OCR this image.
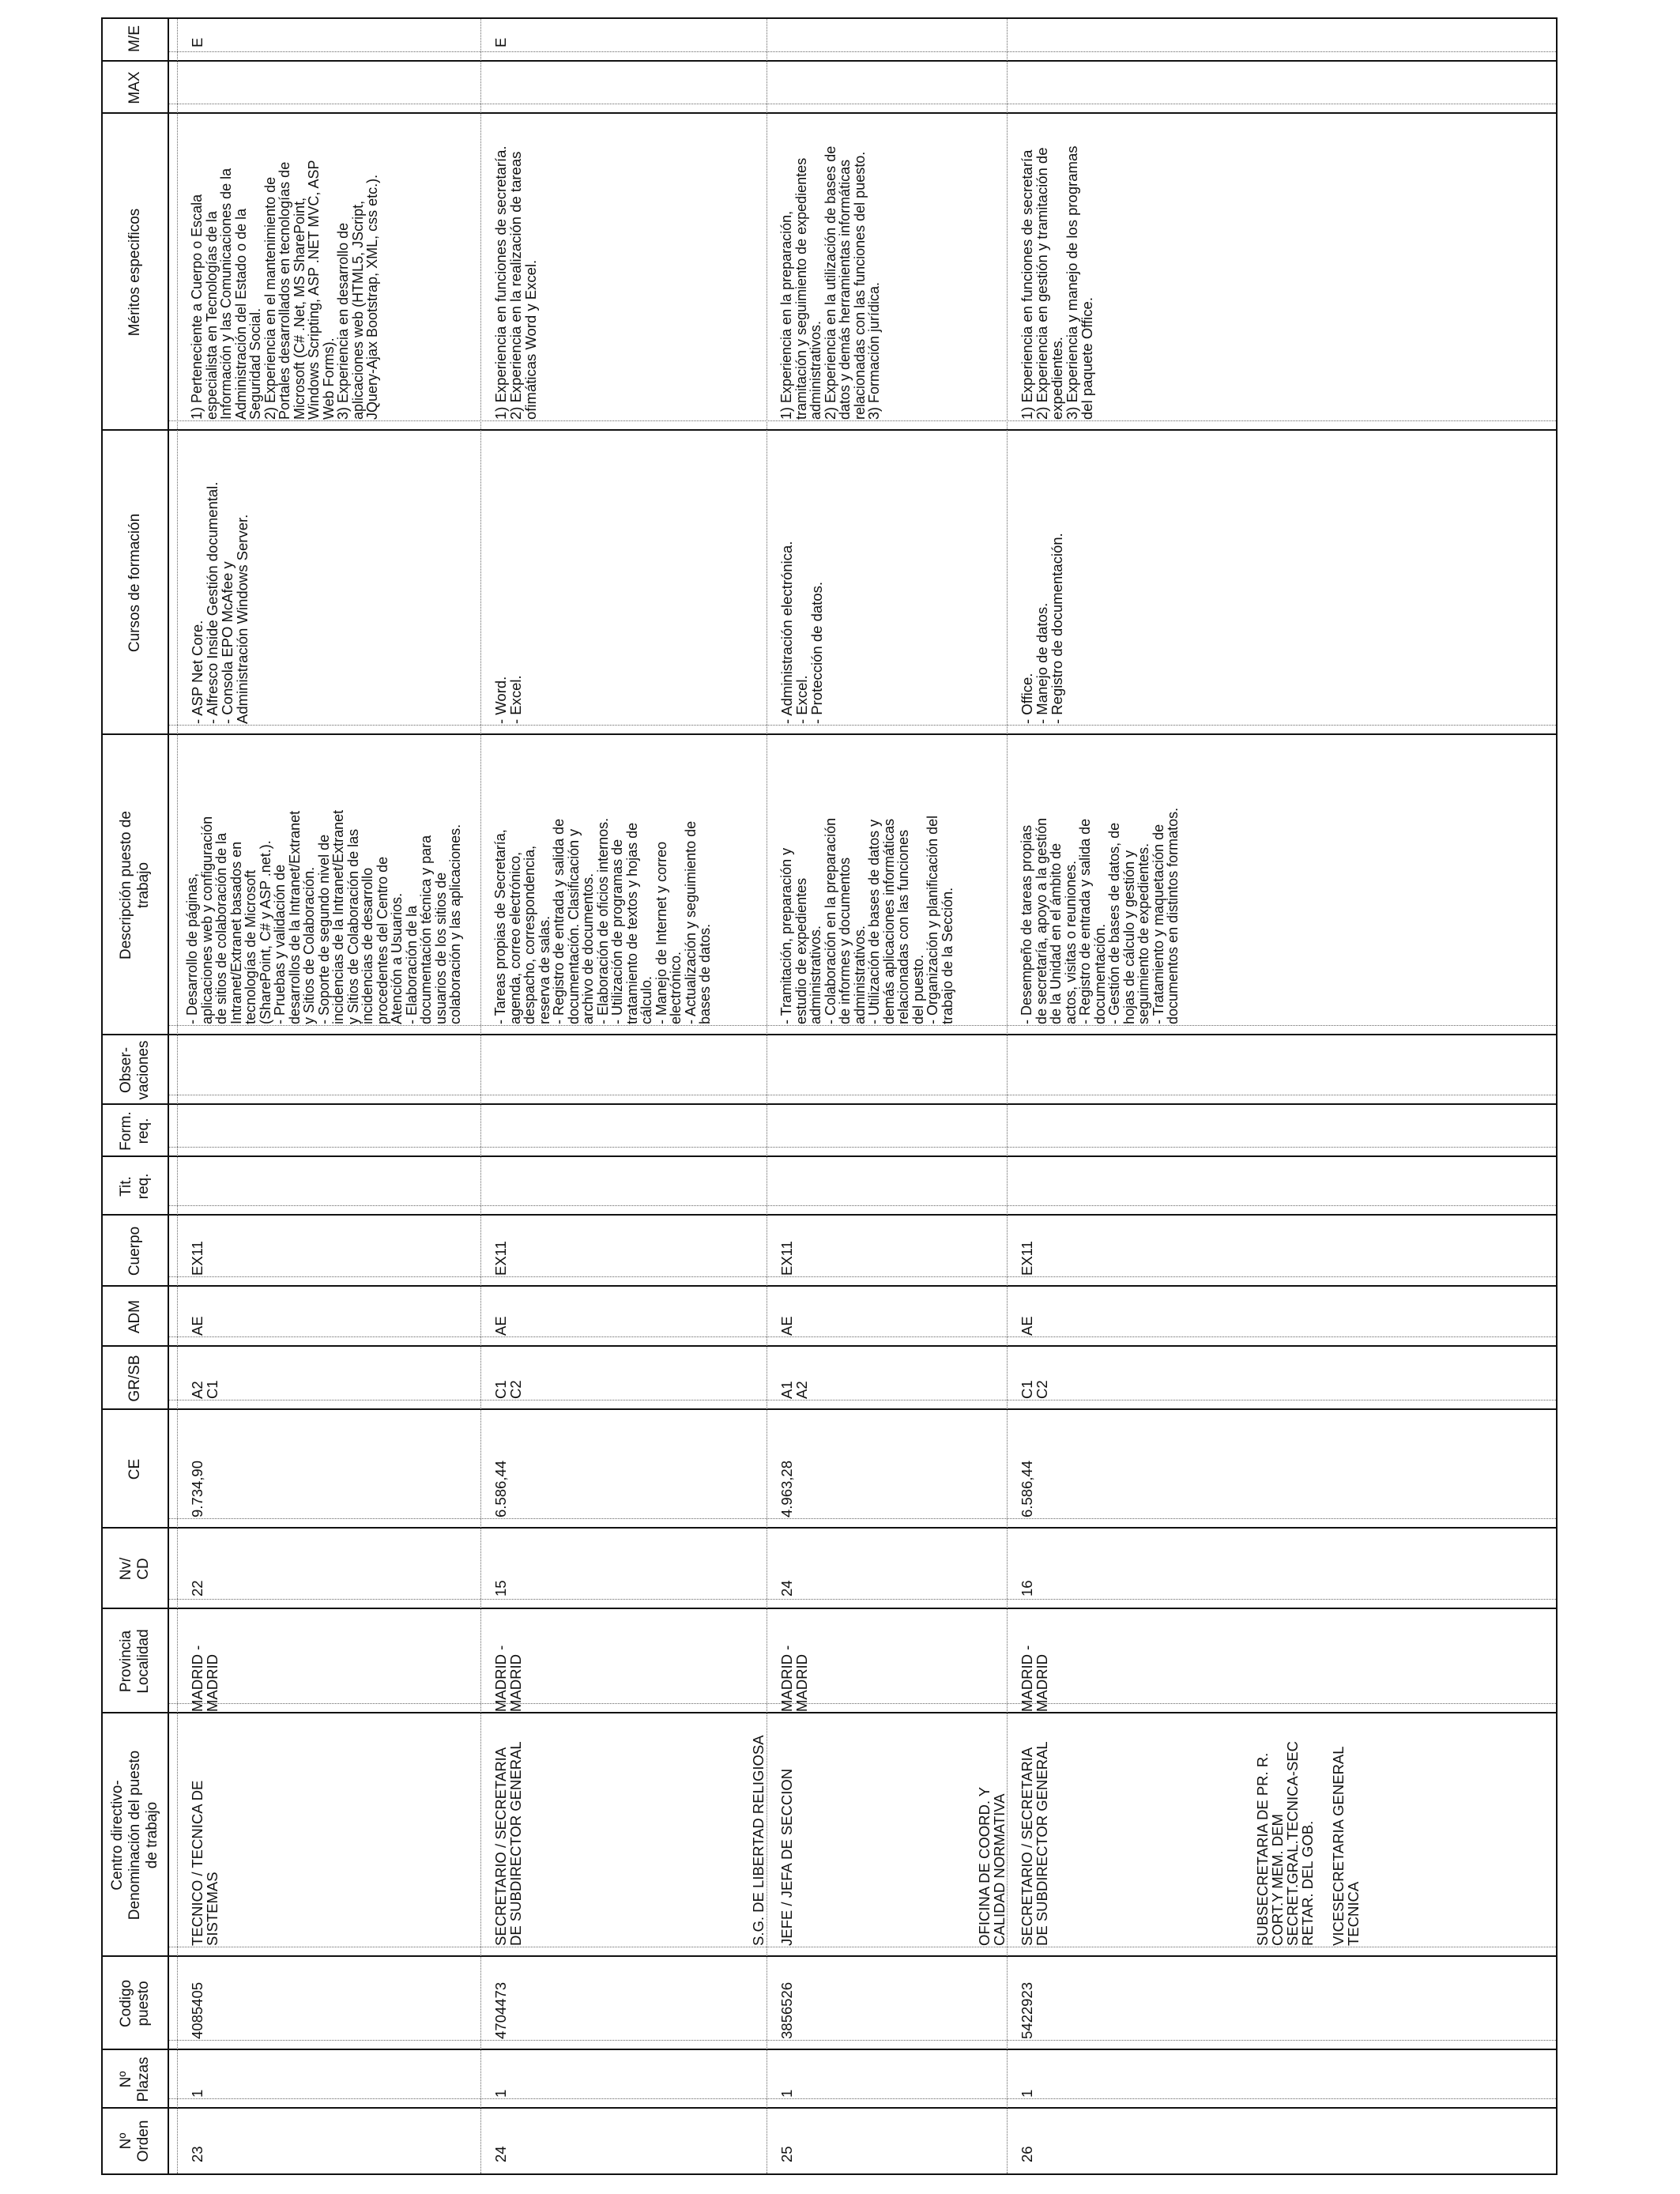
Nº
Orden
Nº
Plazas
Codigo
puesto
Centro directivo-
Denominación del puesto
de trabajo
Provincia
Localidad
Nv/
CD
CE
GR/SB
ADM
Cuerpo
Tit.
req.
Form.
req.
Obser-
vaciones
Descripción puesto de
trabajo
Cursos de formación
Méritos especificos
MAX
M/E
23
1
4085405
TECNICO / TECNICA DE
SISTEMAS
MADRID -
MADRID
22
9.734,90
A2
C1
AE
EX11
- Desarrollo de páginas,
aplicaciones web y configuración
de sitios de colaboración de la
Intranet/Extranet basados en
tecnologías de Microsoft
(SharePoint, C# y ASP .net.).
- Pruebas y validación de
desarrollos de la Intranet/Extranet
y Sitios de Colaboración.
- Soporte de segundo nivel de
incidencias de la Intranet/Extranet
y Sitios de Colaboración de las
incidencias de desarrollo
procedentes del Centro de
Atención a Usuarios.
- Elaboración de la
documentación técnica y para
usuarios de los sitios de
colaboración y las aplicaciones.
- ASP Net Core.
- Alfresco Inside Gestión documental.
- Consola EPO McAfee y
Administración Windows Server.
1) Perteneciente a Cuerpo o Escala
especialista en Tecnologías de la
Información y las Comunicaciones de la
Administración del Estado o de la
Seguridad Social.
2) Experiencia en el mantenimiento de
Portales desarrollados en tecnologías de
Microsoft (C# .Net, MS SharePoint,
Windows Scripting, ASP .NET MVC, ASP
Web Forms).
3) Experiencia en desarrollo de
aplicaciones web (HTML5, JScript,
JQuery-Ajax Bootstrap, XML, css etc.).
E
24
1
4704473
SECRETARIO / SECRETARIA
DE SUBDIRECTOR GENERAL
MADRID -
MADRID
15
6.586,44
C1
C2
AE
EX11
- Tareas propias de Secretaría,
agenda, correo electrónico,
despacho, correspondencia,
reserva de salas.
- Registro de entrada y salida de
documentación. Clasificación y
archivo de documentos.
- Elaboración de oficios internos.
- Utilización de programas de
tratamiento de textos y hojas de
cálculo.
- Manejo de Internet y correo
electrónico.
- Actualización y seguimiento de
bases de datos.
- Word.
- Excel.
1) Experiencia en funciones de secretaría.
2) Experiencia en la realización de tareas
ofimáticas Word y Excel.
E
S.G. DE LIBERTAD RELIGIOSA
25
1
3856526
JEFE / JEFA DE SECCION
MADRID -
MADRID
24
4.963,28
A1
A2
AE
EX11
- Tramitación, preparación y
estudio de expedientes
administrativos.
- Colaboración en la preparación
de informes y documentos
administrativos.
- Utilización de bases de datos y
demás aplicaciones informáticas
relacionadas con las funciones
del puesto.
- Organización y planificación del
trabajo de la Sección.
- Administración electrónica.
- Excel.
- Protección de datos.
1) Experiencia en la preparación,
tramitación y seguimiento de expedientes
administrativos.
2) Experiencia en la utilización de bases de
datos y demás herramientas informáticas
relacionadas con las funciones del puesto.
3) Formación jurídica.
OFICINA DE COORD. Y
CALIDAD NORMATIVA
26
1
5422923
SECRETARIO / SECRETARIA
DE SUBDIRECTOR GENERAL
MADRID -
MADRID
16
6.586,44
C1
C2
AE
EX11
- Desempeño de tareas propias
de secretaría, apoyo a la gestión
de la Unidad en el ámbito de
actos, visitas o reuniones.
- Registro de entrada y salida de
documentación.
- Gestión de bases de datos, de
hojas de cálculo y gestión y
seguimiento de expedientes.
- Tratamiento y maquetación de
documentos en distintos formatos.
- Office.
- Manejo de datos.
- Registro de documentación.
1) Experiencia en funciones de secretaría
2) Experiencia en gestión y tramitación de
expedientes.
3) Experiencia y manejo de los programas
del paquete Office.
SUBSECRETARIA DE PR. R.
CORT.Y MEM. DEM
SECRET.GRAL.TECNICA-SEC
RETAR. DEL GOB. VICESECRETARIA GENERAL
TECNICA
